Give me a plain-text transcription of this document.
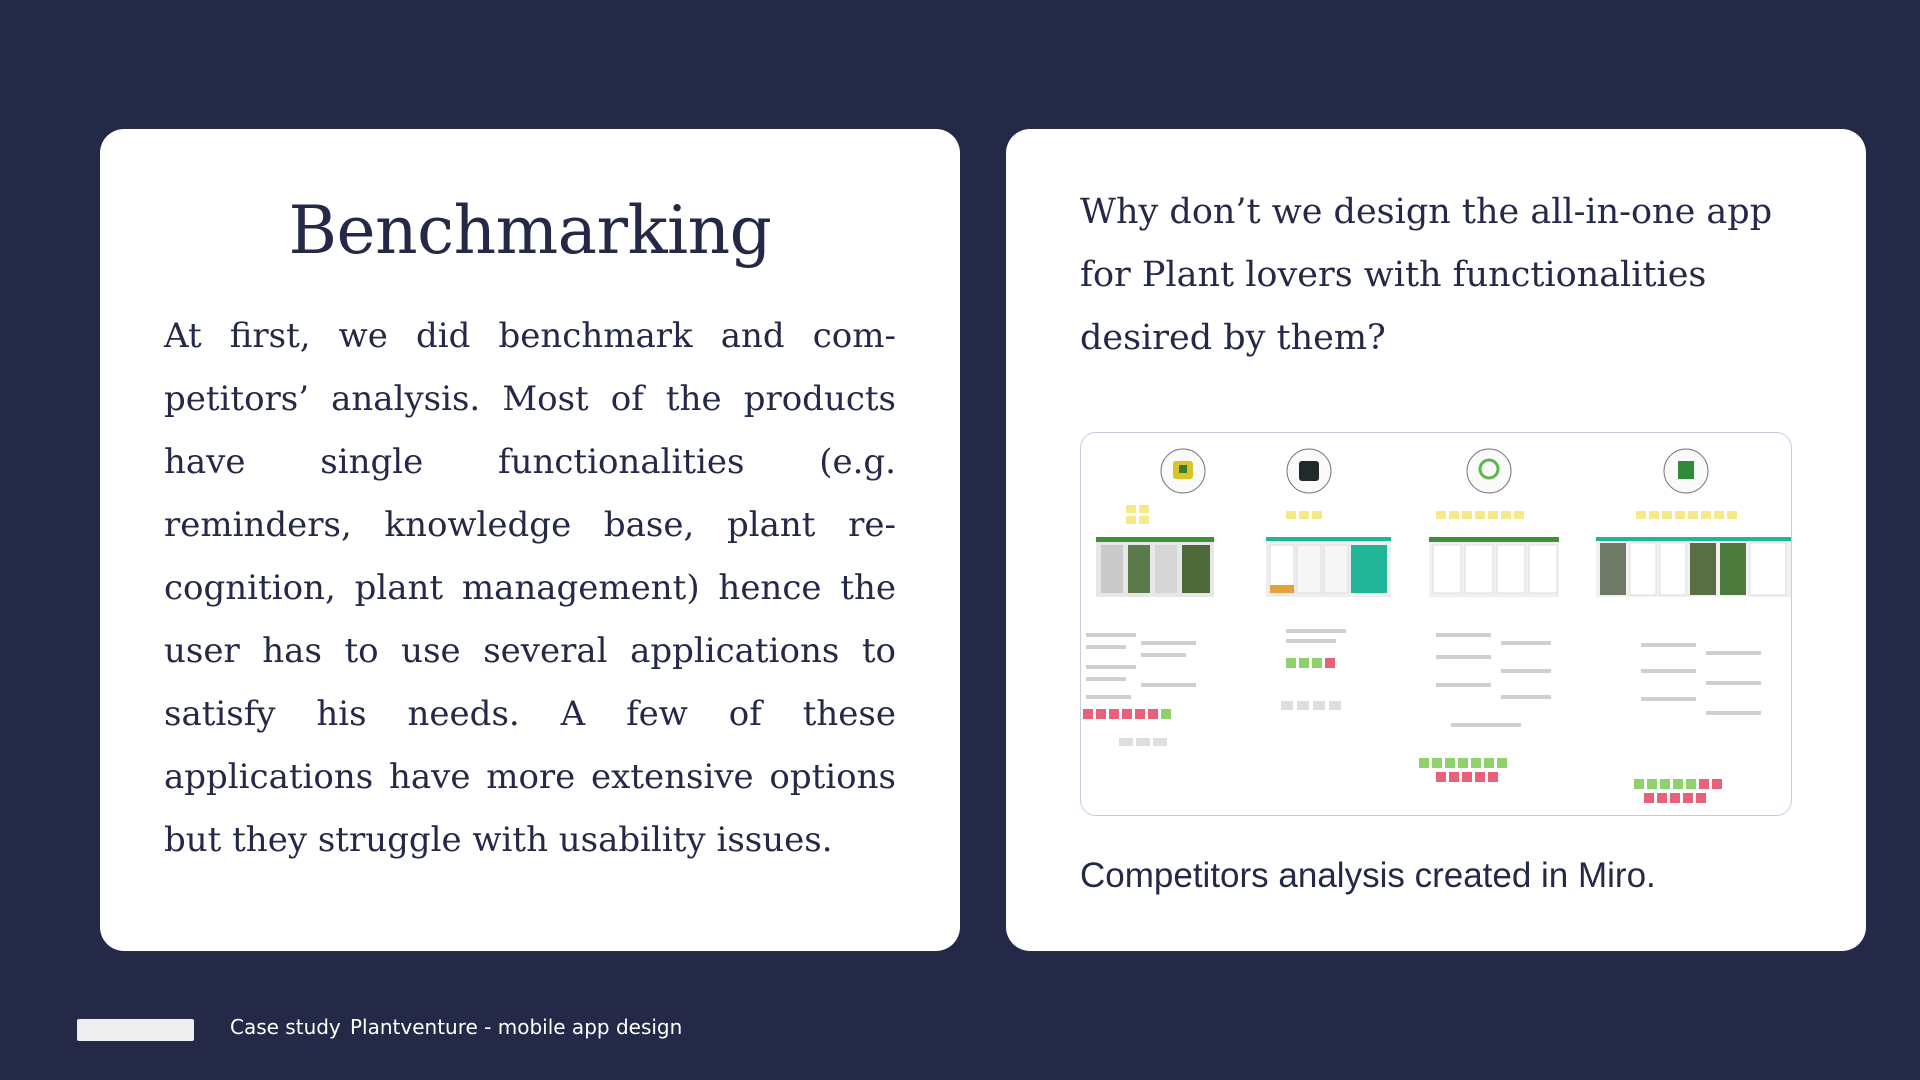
Benchmarking

At first, we did benchmark and com-petitors’ analysis. Most of the products have single functionalities (e.g. reminders, knowledge base, plant re-cognition, plant management) hence the user has to use several applications to satisfy his needs. A few of these applications have more extensive options but they struggle with usability issues.

Why don’t we design the all-in-one app for Plant lovers with functionalities desired by them?

Competitors analysis created in Miro.

Case study Plantventure - mobile app design
